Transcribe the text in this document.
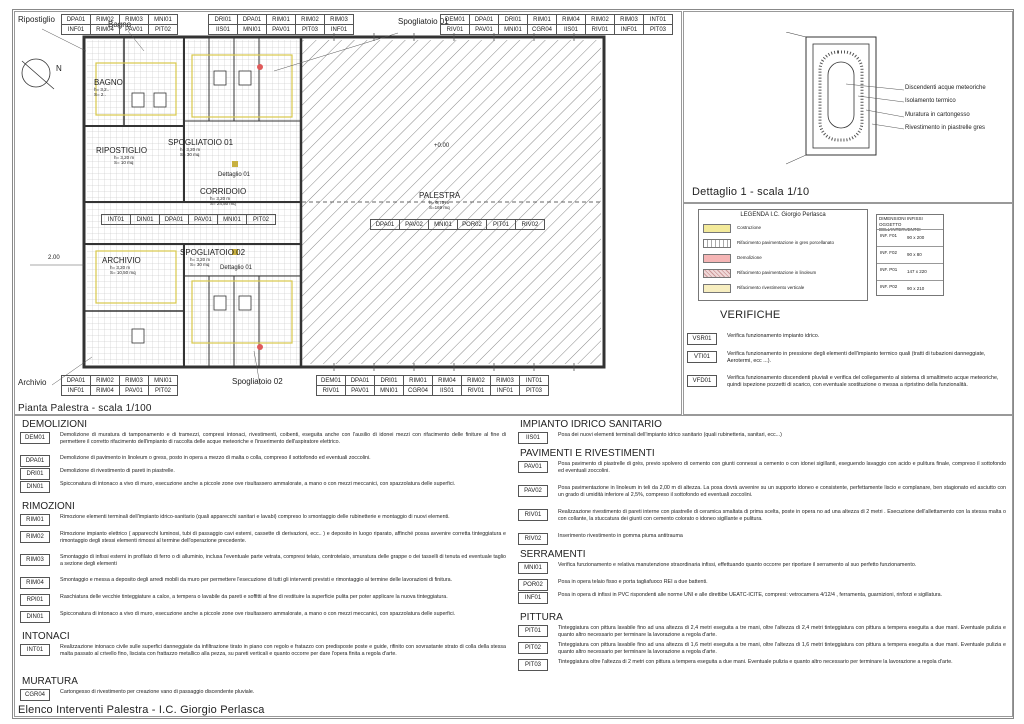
Ripostiglio
Bagno	Spogliatoio 01
Spogliatoio 02
Archivio
N
+0.00
2.00
Dettaglio 01
Dettaglio 01
BAGNO
h= 3,2..
S= 2..
RIPOSTIGLIO
h= 3,20 m
S= 10 mq
SPOGLIATOIO 01
h= 3,20 m
S= 30 mq
CORRIDOIO
h= 3,20 m
S= 24,50 mq
PALESTRA
h= 6,70 m
S=169 mq
ARCHIVIO
h= 3,20 m
S= 10,50 mq
SPOGLIATOIO 02
h= 3,20 m
S= 30 mq
DPA01	RIM02	RIM03	MNI01
INF01	RIM04	PAV01	PIT02
DRI01	DPA01	RIM01	RIM02	RIM03
IIS01	MNI01	PAV01	PIT03	INF01
DEM01	DPA01	DRI01	RIM01	RIM04	RIM02	RIM03	INT01
RIV01	PAV01	MNI01	CGR04	IIS01	RIV01	INF01	PIT03
INT01	DIN01	DPA01	PAV01	MNI01	PIT02
DPA01	PAV02	MNI01	POR02	PIT01	RIV02
DPA01	RIM02	RIM03	MNI01
INF01	RIM04	PAV01	PIT02
DEM01	DPA01	DRI01	RIM01	RIM04	RIM02	RIM03	INT01
RIV01	PAV01	MNI01	CGR04	IIS01	RIV01	INF01	PIT03
Pianta Palestra - scala 1/100
Discendenti acque meteoriche
Isolamento termico
Muratura in cartongesso
Rivestimento in piastrelle gres
Dettaglio 1 - scala 1/10
LEGENDA I.C. Giorgio Perlasca
Costruzione
Rifacimento pavimentazione in gres porcellanato
Demolizione
Rifacimento pavimentazione in linoleum
Rifacimento rivestimento verticale
DIMENSIONI INFISSI OGGETTO DELL'INTERVENTO:
INF. F01 90 x 200
INF. F02 90 x 80
INF. P01 147 x 220
INF. P02 90 x 210
VERIFICHE
VSR01	Verifica funzionamento impianto idrico.
VTI01	Verifica funzionamento in pressione degli elementi dell'impianto termico quali (tratti di tubazioni danneggiate, Aerotermi, ecc ...).
VFD01	Verifica funzionamento discendenti pluviali e verifica del collegamento al sistema di smaltimeto acque meteoriche, quindi ispezione pozzetti di scarico, con eventuale sostituzione o messa a ripristino della funzionalità.
DEMOLIZIONI
DEM01	Demolizione di muratura di tamponamento e di tramezzi, compresi intonaci, rivestimenti, coibenti, eseguita anche con l'ausilio di idonei mezzi con rifacimento delle finiture al fine di permettere il corretto rifacimento dell'impianto di raccolta delle acque meteoriche e l'inserimento dell'aspiratore elettrico.
DPA01	Demolizione di pavimento in linoleum o gress, posto in opera a mezzo di malta o colla, compreso il sottofondo ed eventuali zoccolini.
DRI01	Demolizione di rivestimento di pareti in piastrelle.
DIN01	Spicconatura di intonaco a vivo di muro, esecuzione anche a piccole zone ove risultassero ammalorate, a mano o con mezzi meccanici, con spazzolatura delle superfici.
RIMOZIONI
RIM01	Rimozione elementi terminali dell'impianto idrico-sanitario (quali apparecchi sanitari e lavabi) compreso lo smontaggio delle rubinetterie e montaggio di nuovi elementi.
RIM02	Rimozione impianto elettrico ( apparecchi luminosi, tubi di passaggio cavi esterni, cassette di derivazioni, ecc.. ) e deposito in luogo riparato, affinché possa avvenire corretta tinteggiatura e rimontaggio degli stessi elementi rimossi al termine dell'operazione precedente.
RIM03	Smontaggio di infissi esterni in profilato di ferro o di alluminio, inclusa l'eventuale parte vetrata, compresi telaio, controtelaio, smuratura delle grappe o dei tasselli di tenuta ed eventuale taglio a sezione degli elementi
RIM04	Smontaggio e messa a deposito degli arredi mobili da muro per permettere l'esecuzione di tutti gli interventi previsti e rimontaggio al termine delle lavorazioni di finitura.
RPI01	Raschiatura delle vecchie tinteggiature a calce, a tempera o lavabile da pareti e soffitti al fine di restituire la superficie pulita per poter applicare la nuova tinteggiatura.
DIN01	Spicconatura di intonaco a vivo di muro, esecuzione anche a piccole zone ove risultassero ammalorate, a mano o con mezzi meccanici, con spazzolatura delle superfici.
INTONACI
INT01	Realizzazione intonaco civile sulle superfici danneggiate da infiltrazione tirato in piano con regolo e fratazzo con predisposte poste e guide, rifinito con sovrastante strato di colla della stessa malta passato al crivello fino, lisciata con frattazzo metallico alla pezza, su pareti verticali e quanto occorre per dare l'opera finita a regola d'arte.
MURATURA
CGR04	Cartongesso di rivestimento per creazione vano di passaggio discendente pluviale.
IMPIANTO IDRICO SANITARIO
IIS01	Posa dei nuovi elementi terminali dell'impianto idrico sanitario (quali rubinetteria, sanitari, ecc...)
PAVIMENTI E RIVESTIMENTI
PAV01	Posa pavimento di piastrelle di grès, previo spolvero di cemento con giunti connessi a cemento o con idonei sigillanti, eseguendo lavaggio con acido e pulitura finale, compreso il sottofondo ed eventuali zoccolini.
PAV02	Posa pavimentazione in linoleum in teli da 2,00 m di altezza. La posa dovrà avvenire su un supporto idoneo e consistente, perfettamente liscio e complanare, ben stagionato ed asciutto con un grado di umidità inferiore al 2,5%, compreso il sottofondo ed eventuali zoccolini.
RIV01	Realizzazione rivestimento di pareti interne con piastrelle di ceramica smaltata di prima scelta, poste in opera no ad una altezza di 2 metri . Esecuzione dell'allettamento con la stessa malta o con collante, la stuccatura dei giunti con cemento colorato o idoneo sigillante e pulitura.
RIV02	Inserimento rivestimento in gomma piuma antitrauma
SERRAMENTI
MNI01	Verifica funzionamento e relativa manutenzione straordinaria infissi, effettuando quanto occorre per riportare il serramento al suo perfetto funzionamento.
POR02	Posa in opera telaio fisso e porta tagliafuoco REI a due battenti.
INF01	Posa in opera di infissi in PVC rispondenti alle norme UNI e alle direttibe UEATC-ICITE, compresi: vetrocamera 4/12/4 , ferramenta, guarnizioni, rinforzi e sigillatura.
PITTURA
PIT01	Tinteggiatura con pittura lavabile fino ad una altezza di 2,4 metri eseguita a tre mani, oltre l'altezza di 2,4 metri tinteggiatura con pittura a tempera eseguita a due mani. Eventuale pulizia e quanto altro necessario per terminare la lavorazione a regola d'arte.
PIT02	Tinteggiatura con pittura lavabile fino ad una altezza di 1,6 metri eseguita a tre mani, oltre l'altezza di 1,6 metri tinteggiatura con pittura a tempera eseguita a due mani. Eventuale pulizia e quanto altro necessario per terminare la lavorazione a regola d'arte.
PIT03	Tinteggiatura oltre l'altezza di 2 metri con pittura a tempera eseguita a due mani. Eventuale pulizia e quanto altro necessario per terminare la lavorazione a regola d'arte.
Elenco Interventi Palestra - I.C. Giorgio Perlasca
